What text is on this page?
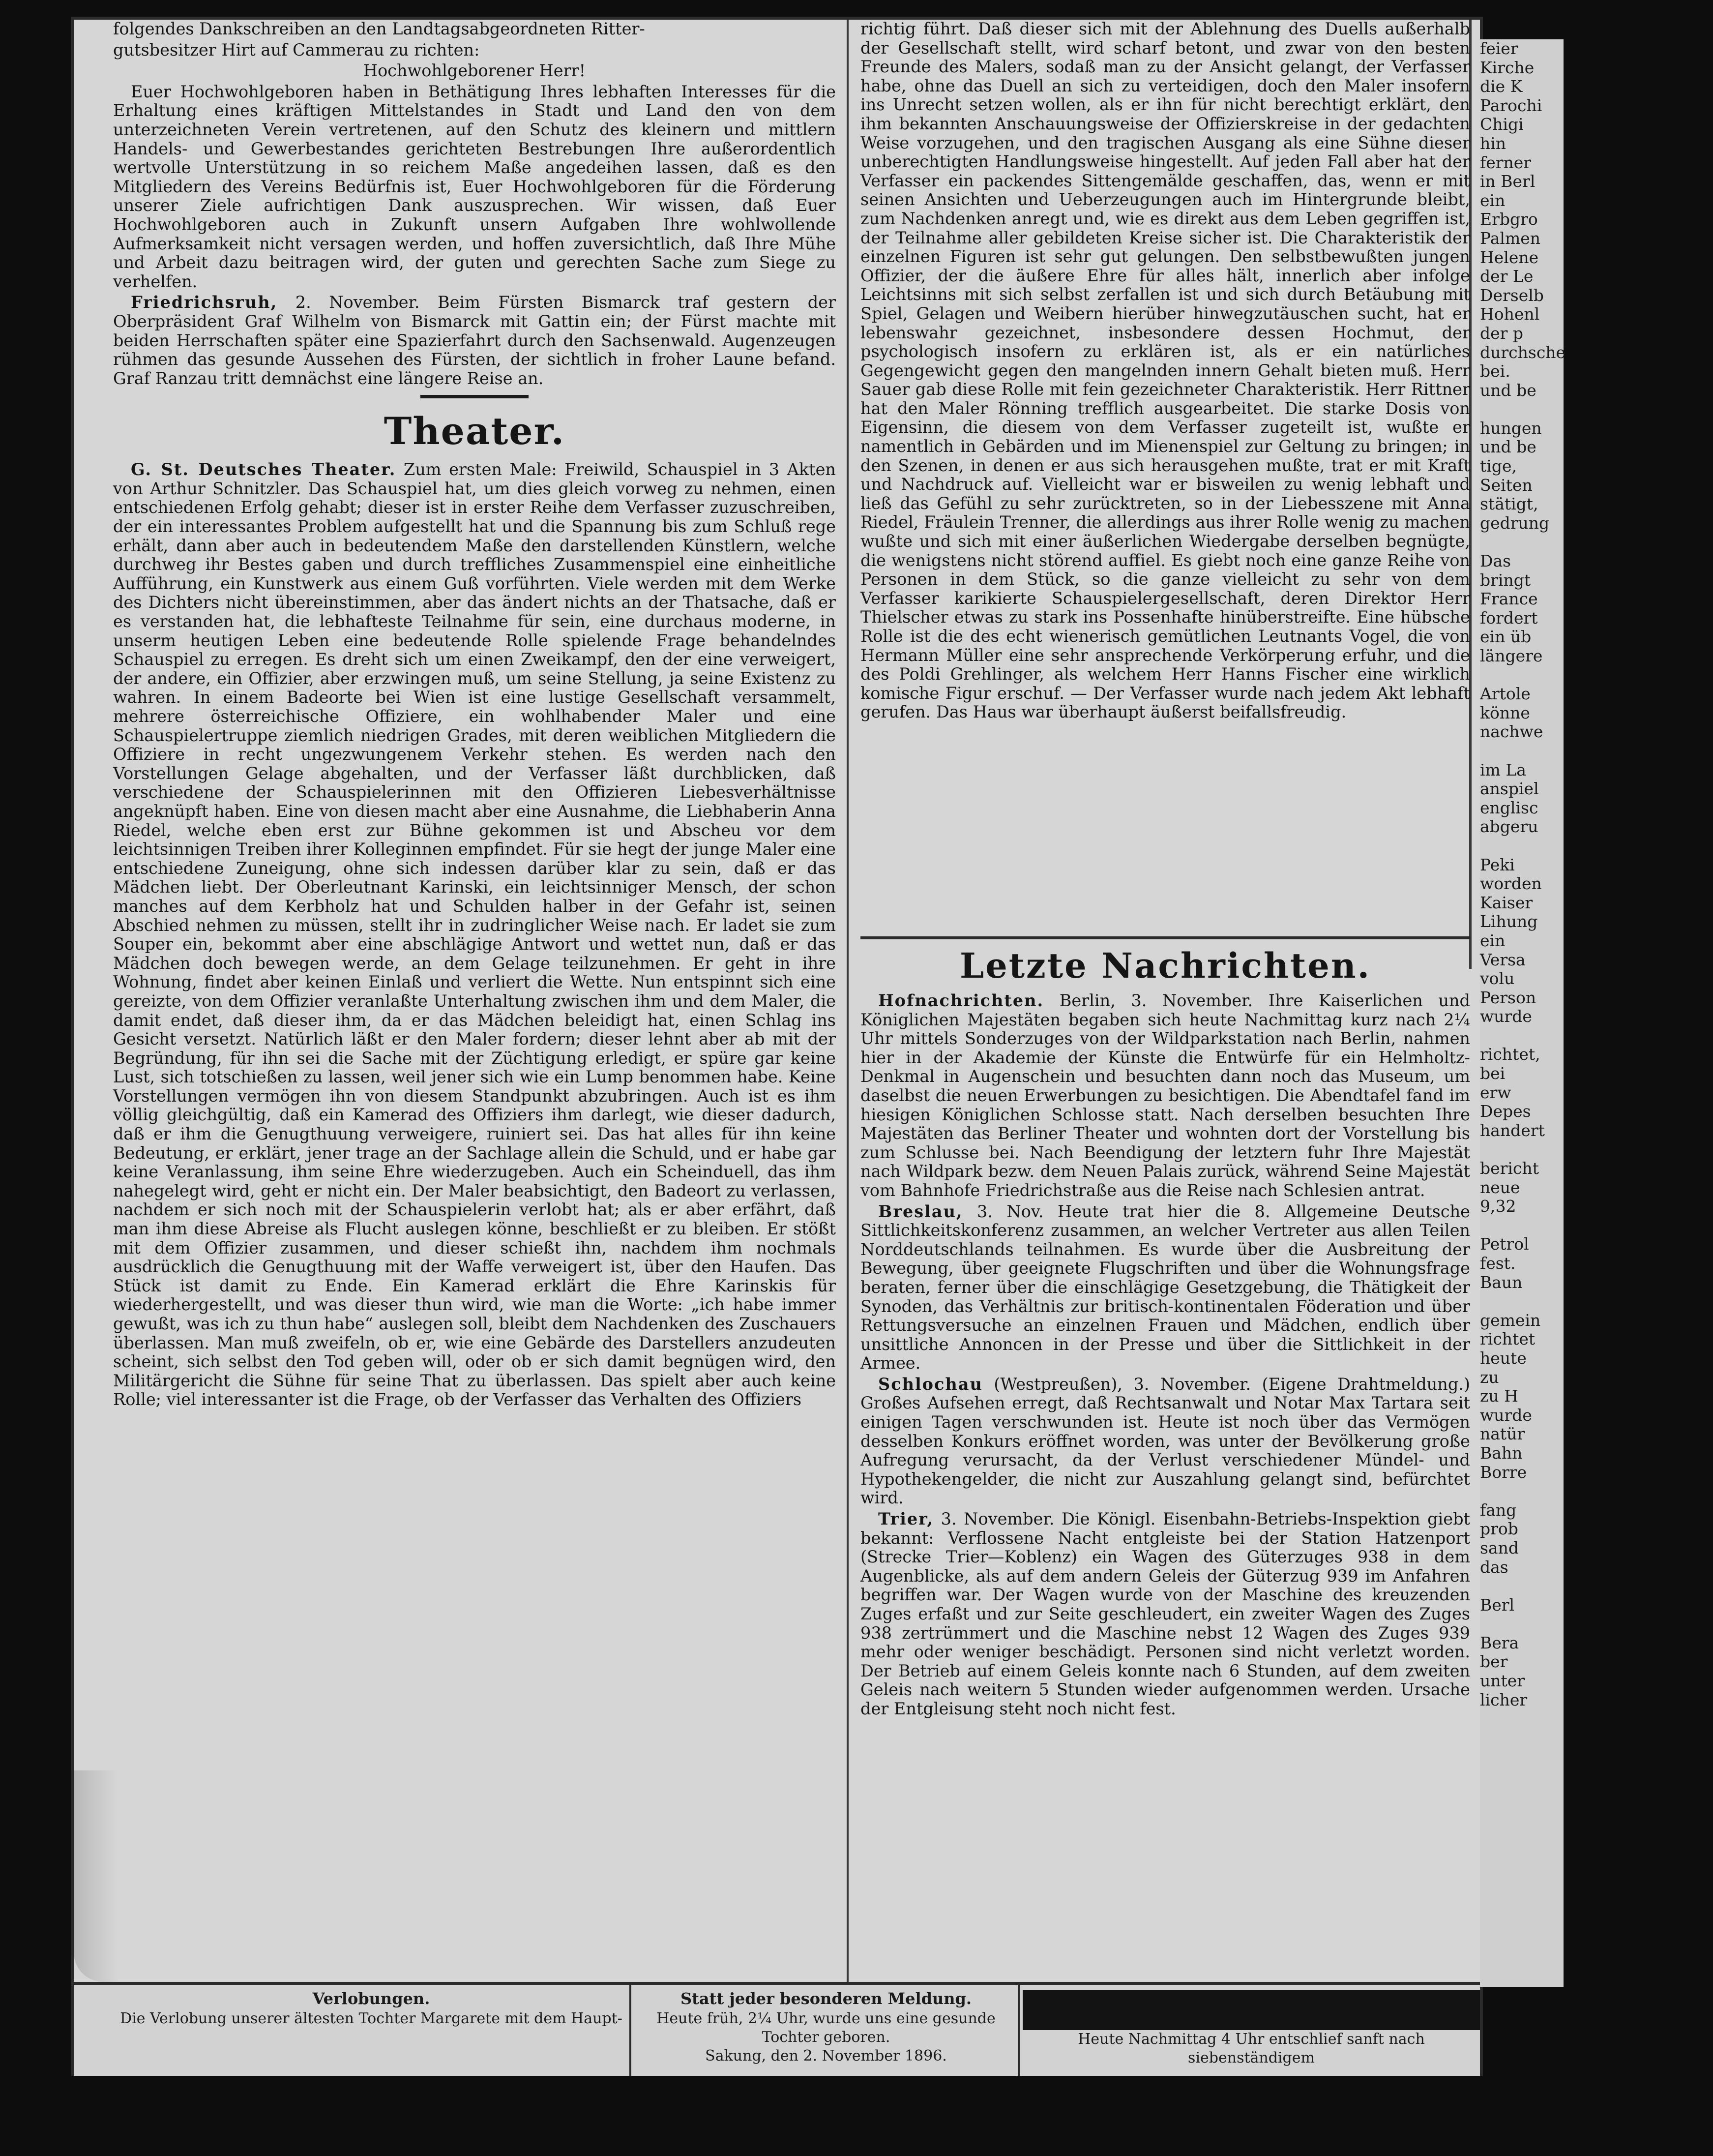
folgendes Dankschreiben an den Landtagsabgeordneten Ritter-

gutsbesitzer Hirt auf Cammerau zu richten:

Hochwohlgeborener Herr!

Euer Hochwohlgeboren haben in Bethätigung Ihres lebhaften Interesses für die Erhaltung eines kräftigen Mittelstandes in Stadt und Land den von dem unterzeichneten Verein vertretenen, auf den Schutz des kleinern und mittlern Handels- und Gewerbestandes gerichteten Bestrebungen Ihre außerordentlich wertvolle Unterstützung in so reichem Maße angedeihen lassen, daß es den Mitgliedern des Vereins Bedürfnis ist, Euer Hochwohlgeboren für die Förderung unserer Ziele aufrichtigen Dank auszusprechen. Wir wissen, daß Euer Hochwohlgeboren auch in Zukunft unsern Aufgaben Ihre wohlwollende Aufmerksamkeit nicht versagen werden, und hoffen zuversichtlich, daß Ihre Mühe und Arbeit dazu beitragen wird, der guten und gerechten Sache zum Siege zu verhelfen.

Friedrichsruh, 2. November. Beim Fürsten Bismarck traf gestern der Oberpräsident Graf Wilhelm von Bismarck mit Gattin ein; der Fürst machte mit beiden Herrschaften später eine Spazierfahrt durch den Sachsenwald. Augenzeugen rühmen das gesunde Aussehen des Fürsten, der sichtlich in froher Laune befand. Graf Ranzau tritt demnächst eine längere Reise an.

Theater.

G. St. Deutsches Theater. Zum ersten Male: Freiwild, Schauspiel in 3 Akten von Arthur Schnitzler. Das Schauspiel hat, um dies gleich vorweg zu nehmen, einen entschiedenen Erfolg gehabt; dieser ist in erster Reihe dem Verfasser zuzuschreiben, der ein interessantes Problem aufgestellt hat und die Spannung bis zum Schluß rege erhält, dann aber auch in bedeutendem Maße den darstellenden Künstlern, welche durchweg ihr Bestes gaben und durch treffliches Zusammenspiel eine einheitliche Aufführung, ein Kunstwerk aus einem Guß vorführten. Viele werden mit dem Werke des Dichters nicht übereinstimmen, aber das ändert nichts an der Thatsache, daß er es verstanden hat, die lebhafteste Teilnahme für sein, eine durchaus moderne, in unserm heutigen Leben eine bedeutende Rolle spielende Frage behandelndes Schauspiel zu erregen. Es dreht sich um einen Zweikampf, den der eine verweigert, der andere, ein Offizier, aber erzwingen muß, um seine Stellung, ja seine Existenz zu wahren. In einem Badeorte bei Wien ist eine lustige Gesellschaft versammelt, mehrere österreichische Offiziere, ein wohlhabender Maler und eine Schauspielertruppe ziemlich niedrigen Grades, mit deren weiblichen Mitgliedern die Offiziere in recht ungezwungenem Verkehr stehen. Es werden nach den Vorstellungen Gelage abgehalten, und der Verfasser läßt durchblicken, daß verschiedene der Schauspielerinnen mit den Offizieren Liebesverhältnisse angeknüpft haben. Eine von diesen macht aber eine Ausnahme, die Liebhaberin Anna Riedel, welche eben erst zur Bühne gekommen ist und Abscheu vor dem leichtsinnigen Treiben ihrer Kolleginnen empfindet. Für sie hegt der junge Maler eine entschiedene Zuneigung, ohne sich indessen darüber klar zu sein, daß er das Mädchen liebt. Der Oberleutnant Karinski, ein leichtsinniger Mensch, der schon manches auf dem Kerbholz hat und Schulden halber in der Gefahr ist, seinen Abschied nehmen zu müssen, stellt ihr in zudringlicher Weise nach. Er ladet sie zum Souper ein, bekommt aber eine abschlägige Antwort und wettet nun, daß er das Mädchen doch bewegen werde, an dem Gelage teilzunehmen. Er geht in ihre Wohnung, findet aber keinen Einlaß und verliert die Wette. Nun entspinnt sich eine gereizte, von dem Offizier veranlaßte Unterhaltung zwischen ihm und dem Maler, die damit endet, daß dieser ihm, da er das Mädchen beleidigt hat, einen Schlag ins Gesicht versetzt. Natürlich läßt er den Maler fordern; dieser lehnt aber ab mit der Begründung, für ihn sei die Sache mit der Züchtigung erledigt, er spüre gar keine Lust, sich totschießen zu lassen, weil jener sich wie ein Lump benommen habe. Keine Vorstellungen vermögen ihn von diesem Standpunkt abzubringen. Auch ist es ihm völlig gleichgültig, daß ein Kamerad des Offiziers ihm darlegt, wie dieser dadurch, daß er ihm die Genugthuung verweigere, ruiniert sei. Das hat alles für ihn keine Bedeutung, er erklärt, jener trage an der Sachlage allein die Schuld, und er habe gar keine Veranlassung, ihm seine Ehre wiederzugeben. Auch ein Scheinduell, das ihm nahegelegt wird, geht er nicht ein. Der Maler beabsichtigt, den Badeort zu verlassen, nachdem er sich noch mit der Schauspielerin verlobt hat; als er aber erfährt, daß man ihm diese Abreise als Flucht auslegen könne, beschließt er zu bleiben. Er stößt mit dem Offizier zusammen, und dieser schießt ihn, nachdem ihm nochmals ausdrücklich die Genugthuung mit der Waffe verweigert ist, über den Haufen. Das Stück ist damit zu Ende. Ein Kamerad erklärt die Ehre Karinskis für wiederhergestellt, und was dieser thun wird, wie man die Worte: „ich habe immer gewußt, was ich zu thun habe“ auslegen soll, bleibt dem Nachdenken des Zuschauers überlassen. Man muß zweifeln, ob er, wie eine Gebärde des Darstellers anzudeuten scheint, sich selbst den Tod geben will, oder ob er sich damit begnügen wird, den Militärgericht die Sühne für seine That zu überlassen. Das spielt aber auch keine Rolle; viel interessanter ist die Frage, ob der Verfasser das Verhalten des Offiziers

richtig führt. Daß dieser sich mit der Ablehnung des Duells außerhalb der Gesellschaft stellt, wird scharf betont, und zwar von den besten Freunde des Malers, sodaß man zu der Ansicht gelangt, der Verfasser habe, ohne das Duell an sich zu verteidigen, doch den Maler insofern ins Unrecht setzen wollen, als er ihn für nicht berechtigt erklärt, den ihm bekannten Anschauungsweise der Offizierskreise in der gedachten Weise vorzugehen, und den tragischen Ausgang als eine Sühne dieser unberechtigten Handlungsweise hingestellt. Auf jeden Fall aber hat der Verfasser ein packendes Sittengemälde geschaffen, das, wenn er mit seinen Ansichten und Ueberzeugungen auch im Hintergrunde bleibt, zum Nachdenken anregt und, wie es direkt aus dem Leben gegriffen ist, der Teilnahme aller gebildeten Kreise sicher ist. Die Charakteristik der einzelnen Figuren ist sehr gut gelungen. Den selbstbewußten jungen Offizier, der die äußere Ehre für alles hält, innerlich aber infolge Leichtsinns mit sich selbst zerfallen ist und sich durch Betäubung mit Spiel, Gelagen und Weibern hierüber hinwegzutäuschen sucht, hat er lebenswahr gezeichnet, insbesondere dessen Hochmut, der psychologisch insofern zu erklären ist, als er ein natürliches Gegengewicht gegen den mangelnden innern Gehalt bieten muß. Herr Sauer gab diese Rolle mit fein gezeichneter Charakteristik. Herr Rittner hat den Maler Rönning trefflich ausgearbeitet. Die starke Dosis von Eigensinn, die diesem von dem Verfasser zugeteilt ist, wußte er namentlich in Gebärden und im Mienenspiel zur Geltung zu bringen; in den Szenen, in denen er aus sich herausgehen mußte, trat er mit Kraft und Nachdruck auf. Vielleicht war er bisweilen zu wenig lebhaft und ließ das Gefühl zu sehr zurücktreten, so in der Liebesszene mit Anna Riedel, Fräulein Trenner, die allerdings aus ihrer Rolle wenig zu machen wußte und sich mit einer äußerlichen Wiedergabe derselben begnügte, die wenigstens nicht störend auffiel. Es giebt noch eine ganze Reihe von Personen in dem Stück, so die ganze vielleicht zu sehr von dem Verfasser karikierte Schauspielergesellschaft, deren Direktor Herr Thielscher etwas zu stark ins Possenhafte hinüberstreifte. Eine hübsche Rolle ist die des echt wienerisch gemütlichen Leutnants Vogel, die von Hermann Müller eine sehr ansprechende Verkörperung erfuhr, und die des Poldi Grehlinger, als welchem Herr Hanns Fischer eine wirklich komische Figur erschuf. — Der Verfasser wurde nach jedem Akt lebhaft gerufen. Das Haus war überhaupt äußerst beifallsfreudig.

Letzte Nachrichten.

Hofnachrichten. Berlin, 3. November. Ihre Kaiserlichen und Königlichen Majestäten begaben sich heute Nachmittag kurz nach 2¼ Uhr mittels Sonderzuges von der Wildparkstation nach Berlin, nahmen hier in der Akademie der Künste die Entwürfe für ein Helmholtz-Denkmal in Augenschein und besuchten dann noch das Museum, um daselbst die neuen Erwerbungen zu besichtigen. Die Abendtafel fand im hiesigen Königlichen Schlosse statt. Nach derselben besuchten Ihre Majestäten das Berliner Theater und wohnten dort der Vorstellung bis zum Schlusse bei. Nach Beendigung der letztern fuhr Ihre Majestät nach Wildpark bezw. dem Neuen Palais zurück, während Seine Majestät vom Bahnhofe Friedrichstraße aus die Reise nach Schlesien antrat.

Breslau, 3. Nov. Heute trat hier die 8. Allgemeine Deutsche Sittlichkeitskonferenz zusammen, an welcher Vertreter aus allen Teilen Norddeutschlands teilnahmen. Es wurde über die Ausbreitung der Bewegung, über geeignete Flugschriften und über die Wohnungsfrage beraten, ferner über die einschlägige Gesetzgebung, die Thätigkeit der Synoden, das Verhältnis zur britisch-kontinentalen Föderation und über Rettungsversuche an einzelnen Frauen und Mädchen, endlich über unsittliche Annoncen in der Presse und über die Sittlichkeit in der Armee.

Schlochau (Westpreußen), 3. November. (Eigene Drahtmeldung.) Großes Aufsehen erregt, daß Rechtsanwalt und Notar Max Tartara seit einigen Tagen verschwunden ist. Heute ist noch über das Vermögen desselben Konkurs eröffnet worden, was unter der Bevölkerung große Aufregung verursacht, da der Verlust verschiedener Mündel- und Hypothekengelder, die nicht zur Auszahlung gelangt sind, befürchtet wird.

Trier, 3. November. Die Königl. Eisenbahn-Betriebs-Inspektion giebt bekannt: Verflossene Nacht entgleiste bei der Station Hatzenport (Strecke Trier—Koblenz) ein Wagen des Güterzuges 938 in dem Augenblicke, als auf dem andern Geleis der Güterzug 939 im Anfahren begriffen war. Der Wagen wurde von der Maschine des kreuzenden Zuges erfaßt und zur Seite geschleudert, ein zweiter Wagen des Zuges 938 zertrümmert und die Maschine nebst 12 Wagen des Zuges 939 mehr oder weniger beschädigt. Personen sind nicht verletzt worden. Der Betrieb auf einem Geleis konnte nach 6 Stunden, auf dem zweiten Geleis nach weitern 5 Stunden wieder aufgenommen werden. Ursache der Entgleisung steht noch nicht fest.

feier
Kirche
die K
Parochi
Chigi
hin
ferner
in Berl
ein
Erbgro
Palmen
Helene
der Le
Derselb
Hohenl
der p
durchsche
bei.
und be

hungen
und be
tige,
Seiten
stätigt,
gedrung

Das
bringt
France
fordert
ein üb
längere

Artole
könne
nachwe

im La
anspiel
englisc
abgeru

Peki
worden
Kaiser
Lihung
ein
Versa
volu
Person
wurde

richtet,
bei
erw
Depes
handert

bericht
neue
9,32

Petrol
fest.
Baun

gemein
richtet
heute
zu
zu H
wurde
natür
Bahn
Borre

fang
prob
sand
das

Berl

Bera
ber
unter
licher
Verlobungen.
Die Verlobung unserer ältesten Tochter Margarete mit dem Haupt-
Statt jeder besonderen Meldung.
Heute früh, 2¼ Uhr, wurde uns eine gesunde Tochter geboren.
Sakung, den 2. November 1896.
Heute Nachmittag 4 Uhr entschlief sanft nach siebenständigem
